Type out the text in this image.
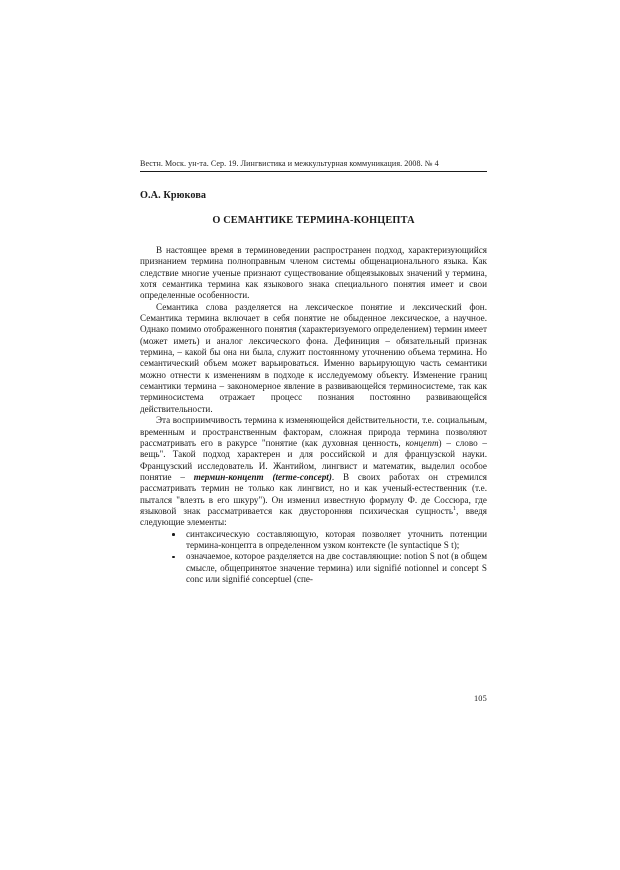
Вестн. Моск. ун-та. Сер. 19. Лингвистика и межкультурная коммуникация. 2008. № 4
О.А. Крюкова
О СЕМАНТИКЕ ТЕРМИНА-КОНЦЕПТА

В настоящее время в терминоведении распространен подход, характеризующийся признанием термина полноправным членом системы общенационального языка. Как следствие многие ученые признают существование общеязыковых значений у термина, хотя семантика термина как языкового знака специального понятия имеет и свои определенные особенности.

Семантика слова разделяется на лексическое понятие и лексический фон. Семантика термина включает в себя понятие не обыденное лексическое, а научное. Однако помимо отображенного понятия (характеризуемого определением) термин имеет (может иметь) и аналог лексического фона. Дефиниция – обязательный признак термина, – какой бы она ни была, служит постоянному уточнению объема термина. Но семантический объем может варьироваться. Именно варьирующую часть семантики можно отнести к изменениям в подходе к исследуемому объекту. Изменение границ семантики термина – закономерное явление в развивающейся терминосистеме, так как терминосистема отражает процесс познания постоянно развивающейся действительности.

Эта восприимчивость термина к изменяющейся действительности, т.е. социальным, временным и пространственным факторам, сложная природа термина позволяют рассматривать его в ракурсе "понятие (как духовная ценность, концепт) – слово – вещь". Такой подход характерен и для российской и для французской науки. Французский исследователь И. Жантийом, лингвист и математик, выделил особое понятие – термин-концепт (terme-concept). В своих работах он стремился рассматривать термин не только как лингвист, но и как ученый-естественник (т.е. пытался "влезть в его шкуру"). Он изменил известную формулу Ф. де Соссюра, где языковой знак рассматривается как двусторонняя психическая сущность$^1$, введя следующие элементы:

синтаксическую составляющую, которая позволяет уточнить потенции термина-концепта в определенном узком контексте (le syntactique S t);
означаемое, которое разделяется на две составляющие: notion S not (в общем смысле, общепринятое значение термина) или signifié notionnel и concept S conc или signifié conceptuel (спе-
105
